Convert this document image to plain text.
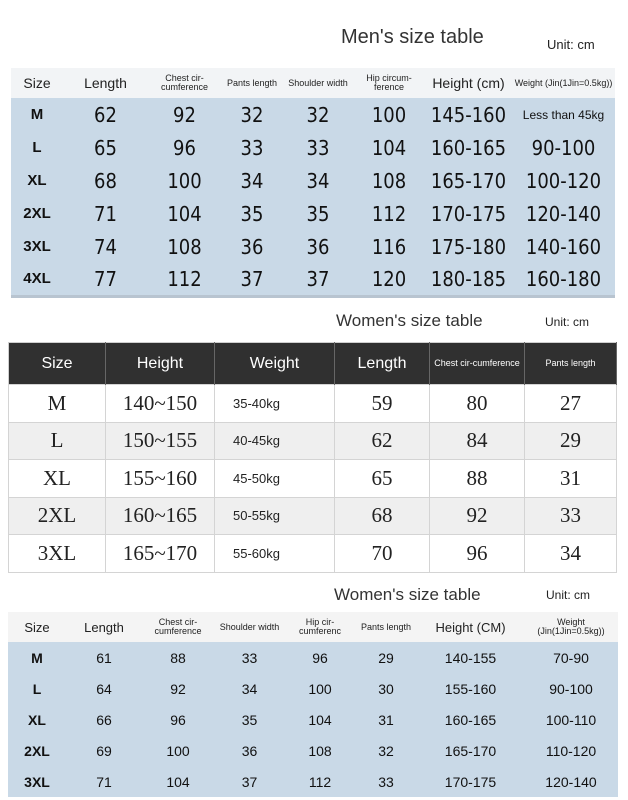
Men's size table	Unit: cm
Size	Length	Chest cir-cumference	Pants length	Shoulder width	Hip circum-ference	Height (cm)	Weight (Jin(1Jin=0.5kg))
M	62	92	32	32	100	145-160	Less than 45kg
L	65	96	33	33	104	160-165	90-100
XL	68	100	34	34	108	165-170	100-120
2XL	71	104	35	35	112	170-175	120-140
3XL	74	108	36	36	116	175-180	140-160
4XL	77	112	37	37	120	180-185	160-180
Women's size table	Unit: cm
Size	Height	Weight	Length	Chest cir-cumference	Pants length
M	140~150	35-40kg	59	80	27
L	150~155	40-45kg	62	84	29
XL	155~160	45-50kg	65	88	31
2XL	160~165	50-55kg	68	92	33
3XL	165~170	55-60kg	70	96	34
Women's size table	Unit: cm
Size	Length	Chest cir-cumference	Shoulder width	Hip cir-cumferenc	Pants length	Height (CM)	Weight (Jin(1Jin=0.5kg))
M	61	88	33	96	29	140-155	70-90
L	64	92	34	100	30	155-160	90-100
XL	66	96	35	104	31	160-165	100-110
2XL	69	100	36	108	32	165-170	110-120
3XL	71	104	37	112	33	170-175	120-140
